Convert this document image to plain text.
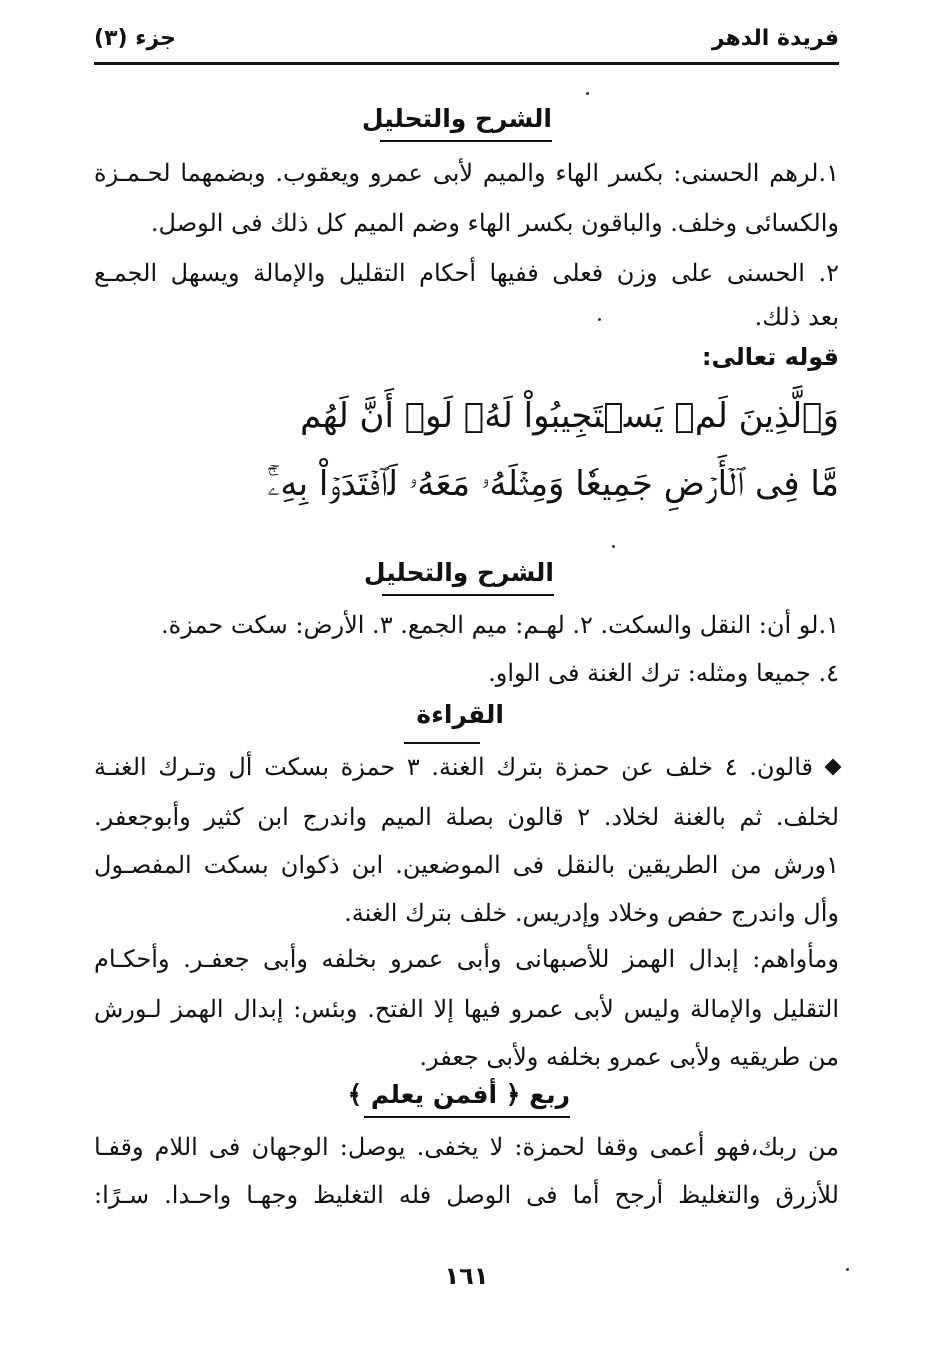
فريدة الدهر
جزء (٣)
الشرح والتحليل
١.لرهم الحسنى: بكسر الهاء والميم لأبى عمرو ويعقوب. وبضمهما لحـمـزة
والكسائى وخلف. والباقون بكسر الهاء وضم الميم كل ذلك فى الوصل.
٢. الحسنى على وزن فعلى ففيها أحكام التقليل والإمالة ويسهل الجمـع
بعد ذلك.
قوله تعالى:
وَٱلَّذِينَ لَمۡ يَسۡتَجِيبُواْ لَهُۥ لَوۡ أَنَّ لَهُم
مَّا فِى ٱلۡأَرۡضِ جَمِيعٗا وَمِثۡلَهُۥ مَعَهُۥ لَٱفۡتَدَوۡاْ بِهِۦٓۚ
الشرح والتحليل
١.لو أن: النقل والسكت. ٢. لهـم: ميم الجمع. ٣. الأرض: سكت حمزة.
٤. جميعا ومثله: ترك الغنة فى الواو.
القراءة
قالون. ٤ خلف عن حمزة بترك الغنة. ٣ حمزة بسكت أل وتـرك الغنـة
لخلف. ثم بالغنة لخلاد. ٢ قالون بصلة الميم واندرج ابن كثير وأبوجعفر.
١ورش من الطريقين بالنقل فى الموضعين. ابن ذكوان بسكت المفصـول
وأل واندرج حفص وخلاد وإدريس. خلف بترك الغنة.
ومأواهم: إبدال الهمز للأصبهانى وأبى عمرو بخلفه وأبى جعفـر. وأحكـام
التقليل والإمالة وليس لأبى عمرو فيها إلا الفتح. وبئس: إبدال الهمز لـورش
من طريقيه ولأبى عمرو بخلفه ولأبى جعفر.
ربع ﴿ أفمن يعلم ﴾
من ربك،فهو أعمى وقفا لحمزة: لا يخفى. يوصل: الوجهان فى اللام وقفـا
للأزرق والتغليظ أرجح أما فى الوصل فله التغليظ وجهـا واحـدا. سـرًا:
١٦١
